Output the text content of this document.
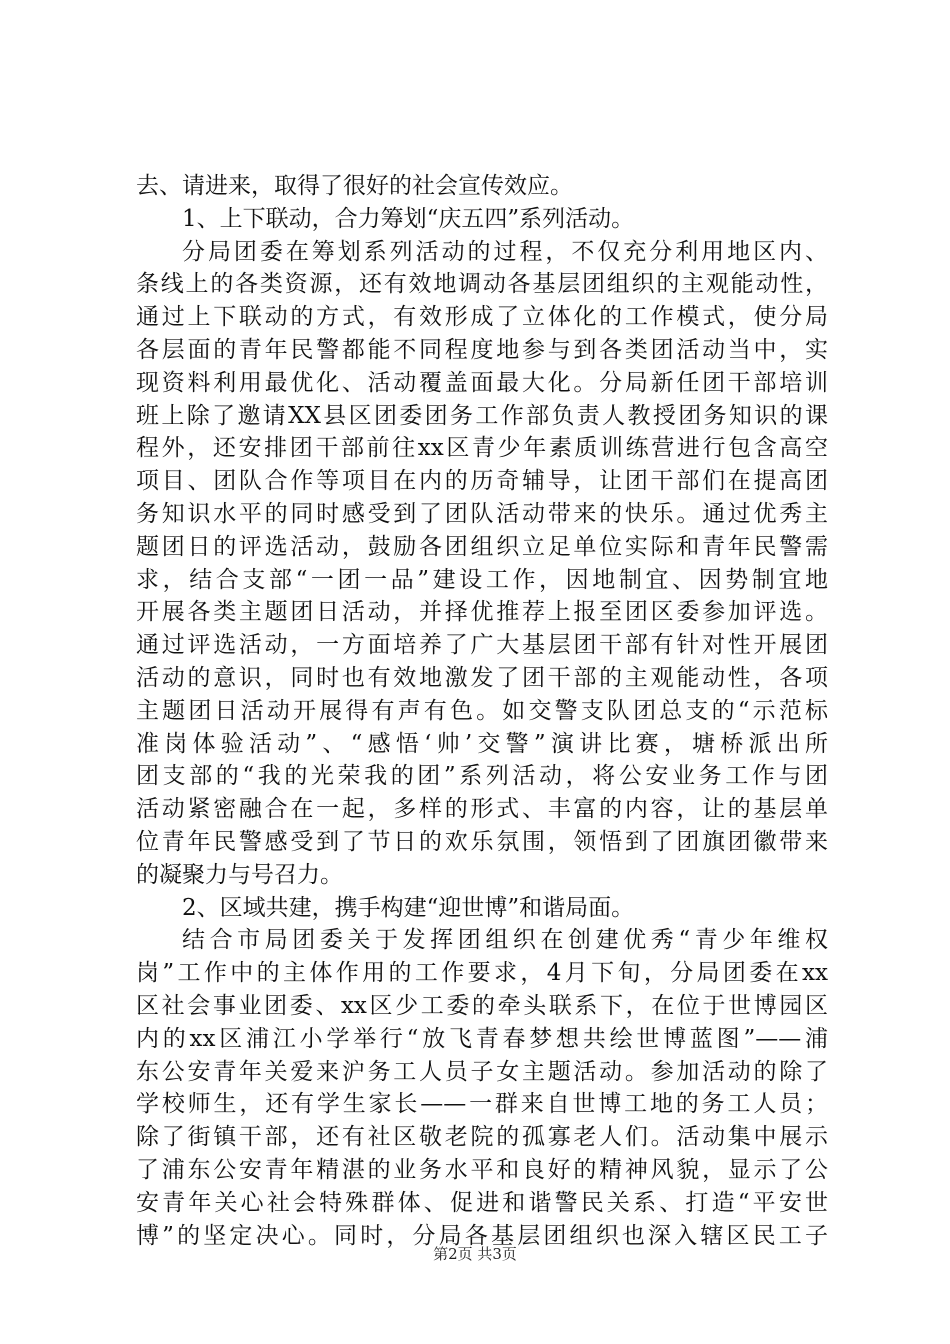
去、请进来，取得了很好的社会宣传效应。
1、上下联动，合力筹划“庆五四”系列活动。
分局团委在筹划系列活动的过程，不仅充分利用地区内、
条线上的各类资源，还有效地调动各基层团组织的主观能动性，
通过上下联动的方式，有效形成了立体化的工作模式，使分局
各层面的青年民警都能不同程度地参与到各类团活动当中，实
现资料利用最优化、活动覆盖面最大化。分局新任团干部培训
班上除了邀请XX县区团委团务工作部负责人教授团务知识的课
程外，还安排团干部前往xx区青少年素质训练营进行包含高空
项目、团队合作等项目在内的历奇辅导，让团干部们在提高团
务知识水平的同时感受到了团队活动带来的快乐。通过优秀主
题团日的评选活动，鼓励各团组织立足单位实际和青年民警需
求，结合支部“一团一品”建设工作，因地制宜、因势制宜地
开展各类主题团日活动，并择优推荐上报至团区委参加评选。
通过评选活动，一方面培养了广大基层团干部有针对性开展团
活动的意识，同时也有效地激发了团干部的主观能动性，各项
主题团日活动开展得有声有色。如交警支队团总支的“示范标
准岗体验活动”、“感悟‘帅’交警”演讲比赛，塘桥派出所
团支部的“我的光荣我的团”系列活动，将公安业务工作与团
活动紧密融合在一起，多样的形式、丰富的内容，让的基层单
位青年民警感受到了节日的欢乐氛围，领悟到了团旗团徽带来
的凝聚力与号召力。
2、区域共建，携手构建“迎世博”和谐局面。
结合市局团委关于发挥团组织在创建优秀“青少年维权
岗”工作中的主体作用的工作要求，4月下旬，分局团委在xx
区社会事业团委、xx区少工委的牵头联系下，在位于世博园区
内的xx区浦江小学举行“放飞青春梦想共绘世博蓝图”——浦
东公安青年关爱来沪务工人员子女主题活动。参加活动的除了
学校师生，还有学生家长——一群来自世博工地的务工人员；
除了街镇干部，还有社区敬老院的孤寡老人们。活动集中展示
了浦东公安青年精湛的业务水平和良好的精神风貌，显示了公
安青年关心社会特殊群体、促进和谐警民关系、打造“平安世
博”的坚定决心。同时，分局各基层团组织也深入辖区民工子
第2页 共3页
